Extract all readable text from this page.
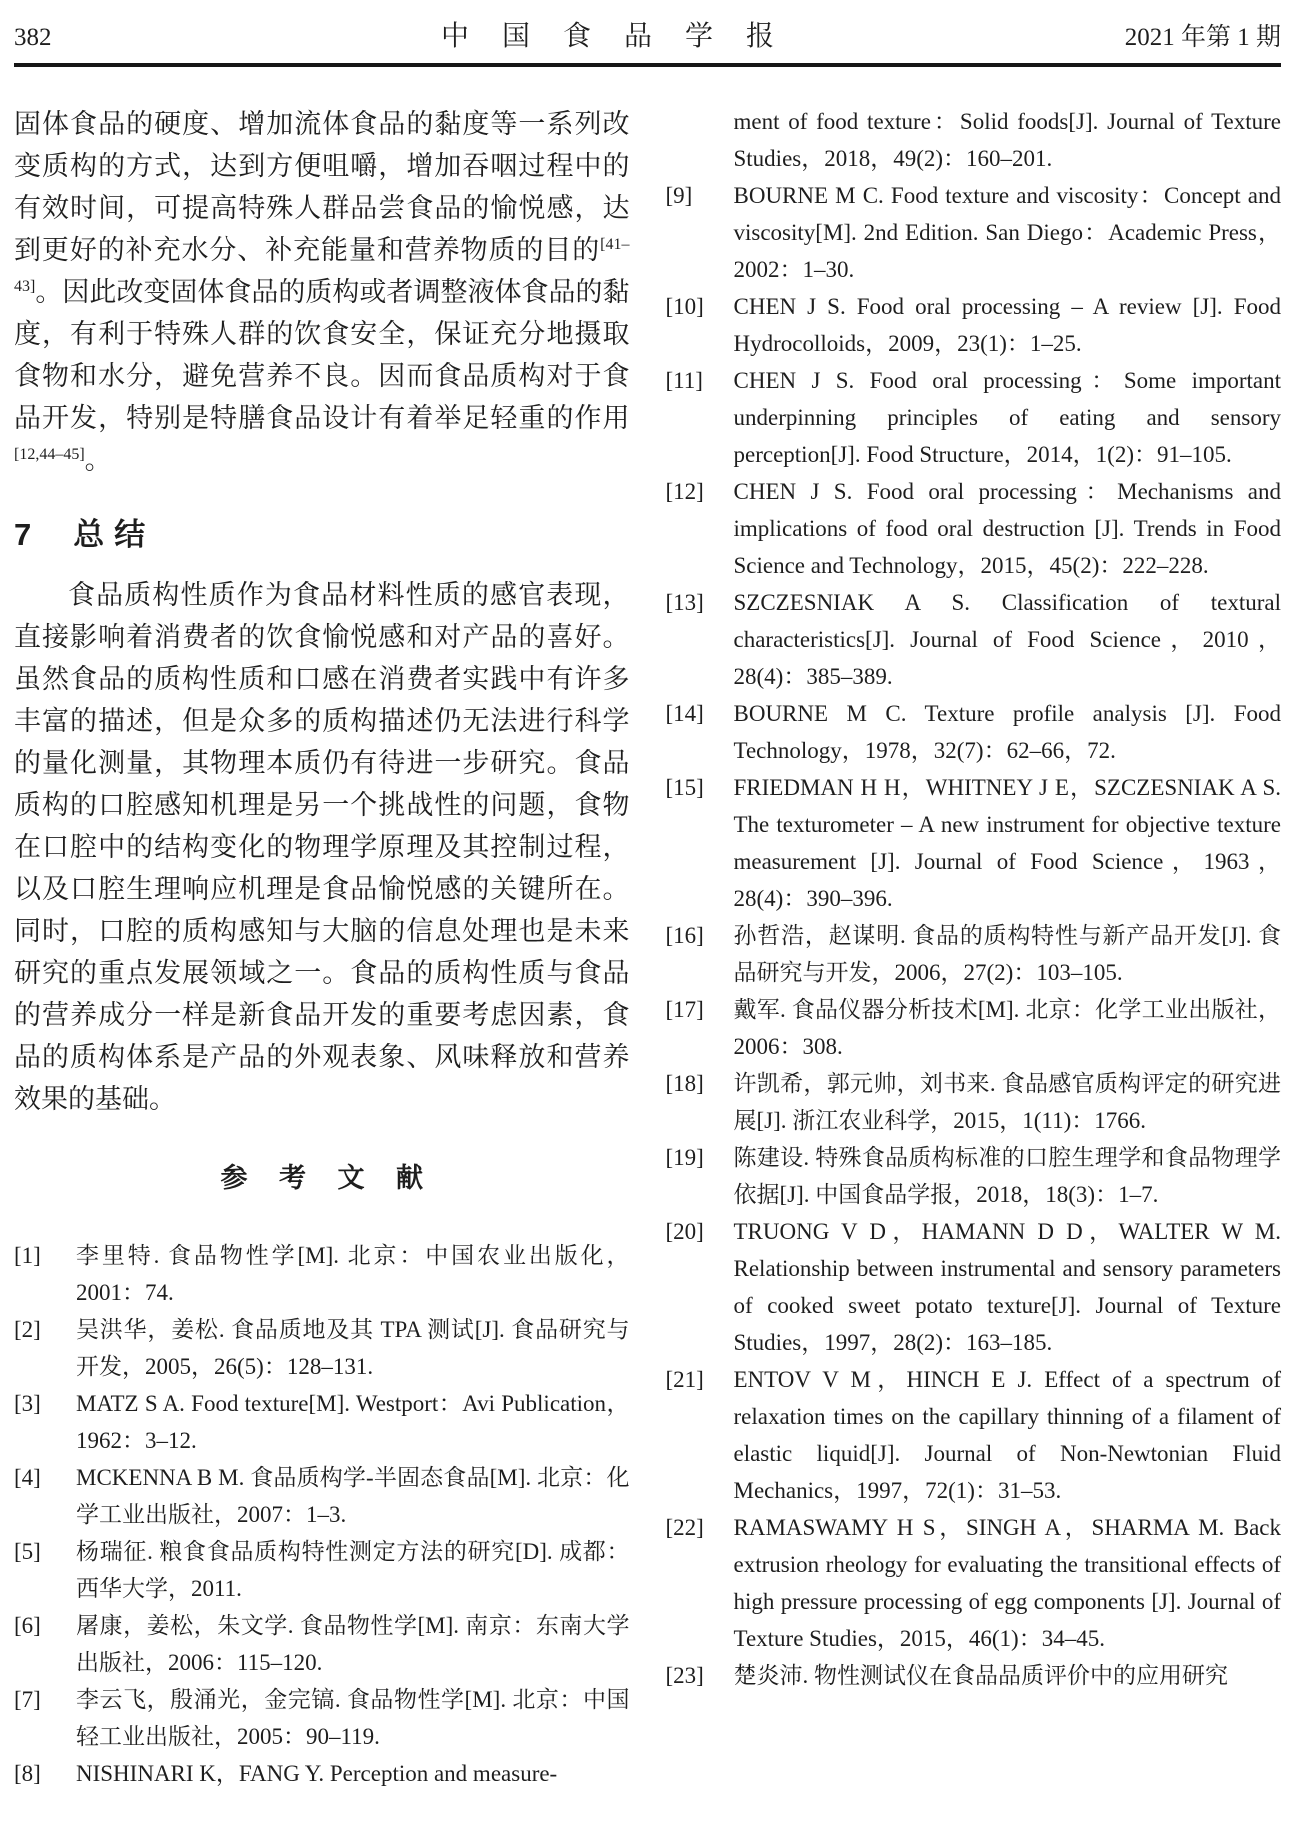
382	中 国 食 品 学 报	2021 年第 1 期

固体食品的硬度、增加流体食品的黏度等一系列改变质构的方式，达到方便咀嚼，增加吞咽过程中的有效时间，可提高特殊人群品尝食品的愉悦感，达到更好的补充水分、补充能量和营养物质的目的[41–43]。因此改变固体食品的质构或者调整液体食品的黏度，有利于特殊人群的饮食安全，保证充分地摄取食物和水分，避免营养不良。因而食品质构对于食品开发，特别是特膳食品设计有着举足轻重的作用[12,44–45]。

7 总结

食品质构性质作为食品材料性质的感官表现，直接影响着消费者的饮食愉悦感和对产品的喜好。虽然食品的质构性质和口感在消费者实践中有许多丰富的描述，但是众多的质构描述仍无法进行科学的量化测量，其物理本质仍有待进一步研究。食品质构的口腔感知机理是另一个挑战性的问题，食物在口腔中的结构变化的物理学原理及其控制过程，以及口腔生理响应机理是食品愉悦感的关键所在。同时，口腔的质构感知与大脑的信息处理也是未来研究的重点发展领域之一。食品的质构性质与食品的营养成分一样是新食品开发的重要考虑因素，食品的质构体系是产品的外观表象、风味释放和营养效果的基础。

参 考 文 献
[1]	李里特. 食品物性学[M]. 北京：中国农业出版化，2001：74.
[2]	吴洪华，姜松. 食品质地及其 TPA 测试[J]. 食品研究与开发，2005，26(5)：128–131.
[3]	MATZ S A. Food texture[M]. Westport：Avi Publication，1962：3–12.
[4]	MCKENNA B M. 食品质构学-半固态食品[M]. 北京：化学工业出版社，2007：1–3.
[5]	杨瑞征. 粮食食品质构特性测定方法的研究[D]. 成都：西华大学，2011.
[6]	屠康，姜松，朱文学. 食品物性学[M]. 南京：东南大学出版社，2006：115–120.
[7]	李云飞，殷涌光，金完镐. 食品物性学[M]. 北京：中国轻工业出版社，2005：90–119.
[8]	NISHINARI K，FANG Y. Perception and measure-
ment of food texture：Solid foods[J]. Journal of Texture Studies，2018，49(2)：160–201.
[9]	BOURNE M C. Food texture and viscosity：Concept and viscosity[M]. 2nd Edition. San Diego：Academic Press，2002：1–30.
[10]	CHEN J S. Food oral processing – A review [J]. Food Hydrocolloids，2009，23(1)：1–25.
[11]	CHEN J S. Food oral processing：Some important underpinning principles of eating and sensory perception[J]. Food Structure，2014，1(2)：91–105.
[12]	CHEN J S. Food oral processing：Mechanisms and implications of food oral destruction [J]. Trends in Food Science and Technology，2015，45(2)：222–228.
[13]	SZCZESNIAK A S. Classification of textural characteristics[J]. Journal of Food Science，2010，28(4)：385–389.
[14]	BOURNE M C. Texture profile analysis [J]. Food Technology，1978，32(7)：62–66，72.
[15]	FRIEDMAN H H，WHITNEY J E，SZCZESNIAK A S. The texturometer – A new instrument for objective texture measurement [J]. Journal of Food Science，1963，28(4)：390–396.
[16]	孙哲浩，赵谋明. 食品的质构特性与新产品开发[J]. 食品研究与开发，2006，27(2)：103–105.
[17]	戴军. 食品仪器分析技术[M]. 北京：化学工业出版社，2006：308.
[18]	许凯希，郭元帅，刘书来. 食品感官质构评定的研究进展[J]. 浙江农业科学，2015，1(11)：1766.
[19]	陈建设. 特殊食品质构标准的口腔生理学和食品物理学依据[J]. 中国食品学报，2018，18(3)：1–7.
[20]	TRUONG V D，HAMANN D D，WALTER W M. Relationship between instrumental and sensory parameters of cooked sweet potato texture[J]. Journal of Texture Studies，1997，28(2)：163–185.
[21]	ENTOV V M，HINCH E J. Effect of a spectrum of relaxation times on the capillary thinning of a filament of elastic liquid[J]. Journal of Non-Newtonian Fluid Mechanics，1997，72(1)：31–53.
[22]	RAMASWAMY H S，SINGH A，SHARMA M. Back extrusion rheology for evaluating the transitional effects of high pressure processing of egg components [J]. Journal of Texture Studies，2015，46(1)：34–45.
[23]	楚炎沛. 物性测试仪在食品品质评价中的应用研究
